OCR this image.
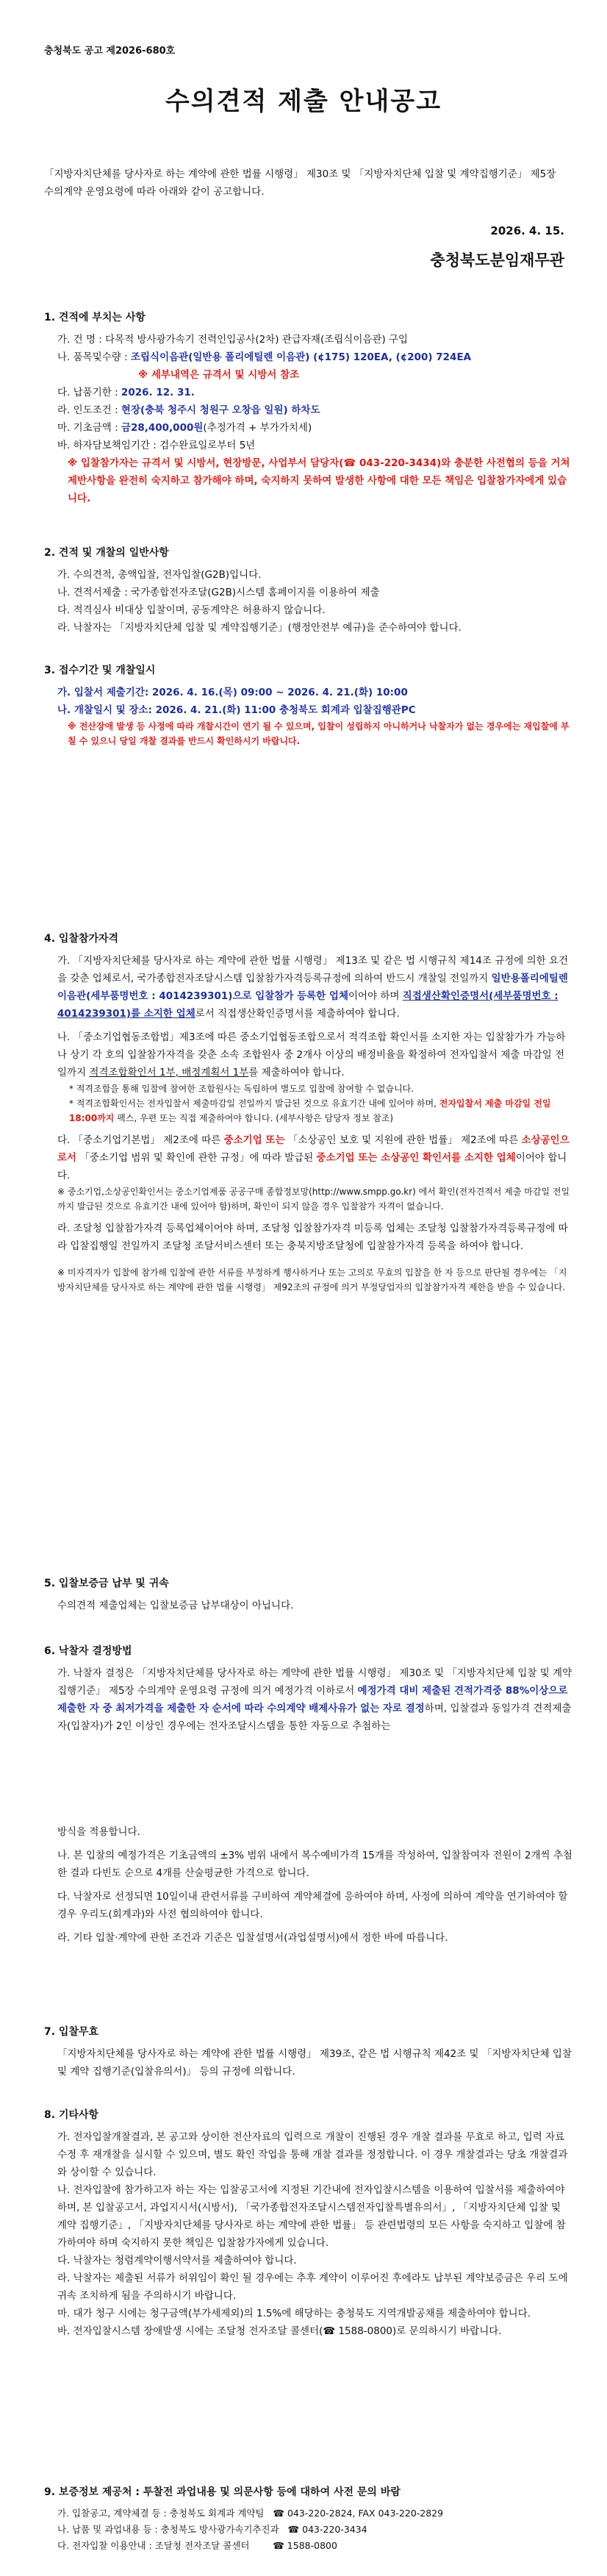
충청북도 공고 제2026-680호
수의견적 제출 안내공고
「지방자치단체를 당사자로 하는 계약에 관한 법률 시행령」 제30조 및 「지방자치단체 입찰 및 계약집행기준」 제5장 수의계약 운영요령에 따라 아래와 같이 공고합니다.
2026. 4. 15.
충청북도분임재무관
1. 견적에 부치는 사항
가. 건 명 : 다목적 방사광가속기 전력인입공사(2차) 관급자재(조립식이음관) 구입
나. 품목및수량 : 조립식이음관(일반용 폴리에틸렌 이음관) (¢175) 120EA, (¢200) 724EA
※ 세부내역은 규격서 및 시방서 참조
다. 납품기한 : 2026. 12. 31.
라. 인도조건 : 현장(충북 청주시 청원구 오창읍 일원) 하차도
마. 기초금액 : 금28,400,000원(추정가격 + 부가가치세)
바. 하자담보책임기간 : 검수완료일로부터 5년
※ 입찰참가자는 규격서 및 시방서, 현장방문, 사업부서 담당자(☎ 043-220-3434)와 충분한 사전협의 등을 거쳐 제반사항을 완전히 숙지하고 참가해야 하며, 숙지하지 못하여 발생한 사항에 대한 모든 책임은 입찰참가자에게 있습니다.
2. 견적 및 개찰의 일반사항
가. 수의견적, 총액입찰, 전자입찰(G2B)입니다.
나. 견적서제출 : 국가종합전자조달(G2B)시스템 홈페이지를 이용하여 제출
다. 적격심사 비대상 입찰이며, 공동계약은 허용하지 않습니다.
라. 낙찰자는 「지방자치단체 입찰 및 계약집행기준」(행정안전부 예규)을 준수하여야 합니다.
3. 접수기간 및 개찰일시
가. 입찰서 제출기간: 2026. 4. 16.(목) 09:00 ~ 2026. 4. 21.(화) 10:00
나. 개찰일시 및 장소: 2026. 4. 21.(화) 11:00 충청북도 회계과 입찰집행관PC
※ 전산장애 발생 등 사정에 따라 개찰시간이 연기 될 수 있으며, 입찰이 성립하지 아니하거나 낙찰자가 없는 경우에는 재입찰에 부칠 수 있으니 당일 개찰 결과를 반드시 확인하시기 바랍니다.
4. 입찰참가자격
가. 「지방자치단체를 당사자로 하는 계약에 관한 법률 시행령」 제13조 및 같은 법 시행규칙 제14조 규정에 의한 요건을 갖춘 업체로서, 국가종합전자조달시스템 입찰참가자격등록규정에 의하여 반드시 개찰일 전일까지 일반용폴리에틸렌이음관(세부품명번호 : 4014239301)으로 입찰참가 등록한 업체이어야 하며 직접생산확인증명서(세부품명번호 : 4014239301)를 소지한 업체로서 직접생산확인증명서를 제출하여야 합니다.
나. 「중소기업협동조합법」제3조에 따른 중소기업협동조합으로서 적격조합 확인서를 소지한 자는 입찰참가가 가능하나 상기 각 호의 입찰참가자격을 갖춘 소속 조합원사 중 2개사 이상의 배정비율을 확정하여 전자입찰서 제출 마감일 전일까지 적격조합확인서 1부, 배정계획서 1부를 제출하여야 합니다.
* 적격조합을 통해 입찰에 참여한 조합원사는 독립하여 별도로 입찰에 참여할 수 없습니다.
* 적격조합확인서는 전자입찰서 제출마감일 전일까지 발급된 것으로 유효기간 내에 있어야 하며, 전자입찰서 제출 마감일 전일 18:00까지 팩스, 우편 또는 직접 제출하여야 합니다. (세부사항은 담당자 정보 참조)
다. 「중소기업기본법」 제2조에 따른 중소기업 또는 「소상공인 보호 및 지원에 관한 법률」 제2조에 따른 소상공인으로서 「중소기업 범위 및 확인에 관한 규정」에 따라 발급된 중소기업 또는 소상공인 확인서를 소지한 업체이어야 합니다.
※ 중소기업,소상공인확인서는 중소기업제품 공공구매 종합정보망(http://www.smpp.go.kr) 에서 확인(전자견적서 제출 마감일 전일까지 발급된 것으로 유효기간 내에 있어야 함)하며, 확인이 되지 않을 경우 입찰참가 자격이 없습니다.
라. 조달청 입찰참가자격 등록업체이어야 하며, 조달청 입찰참가자격 미등록 업체는 조달청 입찰참가자격등록규정에 따라 입찰집행일 전일까지 조달청 조달서비스센터 또는 충북지방조달청에 입찰참가자격 등록을 하여야 합니다.
※ 미자격자가 입찰에 참가해 입찰에 관한 서류를 부정하게 행사하거나 또는 고의로 무효의 입찰을 한 자 등으로 판단될 경우에는 「지방자치단체를 당사자로 하는 계약에 관한 법률 시행령」 제92조의 규정에 의거 부정당업자의 입찰참가자격 제한을 받을 수 있습니다.
5. 입찰보증금 납부 및 귀속
수의견적 제출업체는 입찰보증금 납부대상이 아닙니다.
6. 낙찰자 결정방법
가. 낙찰자 결정은 「지방자치단체를 당사자로 하는 계약에 관한 법률 시행령」 제30조 및 「지방자치단체 입찰 및 계약 집행기준」 제5장 수의계약 운영요령 규정에 의거 예정가격 이하로서 예정가격 대비 제출된 견적가격중 88%이상으로 제출한 자 중 최저가격을 제출한 자 순서에 따라 수의계약 배제사유가 없는 자로 결정하며, 입찰결과 동일가격 견적제출자(입찰자)가 2인 이상인 경우에는 전자조달시스템을 통한 자동으로 추첨하는
방식을 적용합니다.
나. 본 입찰의 예정가격은 기초금액의 ±3% 범위 내에서 복수예비가격 15개를 작성하여, 입찰참여자 전원이 2개씩 추첨한 결과 다빈도 순으로 4개를 산술평균한 가격으로 합니다.
다. 낙찰자로 선정되면 10일이내 관련서류를 구비하여 계약체결에 응하여야 하며, 사정에 의하여 계약을 연기하여야 할 경우 우리도(회계과)와 사전 협의하여야 합니다.
라. 기타 입찰·계약에 관한 조건과 기준은 입찰설명서(과업설명서)에서 정한 바에 따릅니다.
7. 입찰무효
「지방자치단체를 당사자로 하는 계약에 관한 법률 시행령」 제39조, 같은 법 시행규칙 제42조 및 「지방자치단체 입찰 및 계약 집행기준(입찰유의서)」 등의 규정에 의합니다.
8. 기타사항
가. 전자입찰개찰결과, 본 공고와 상이한 전산자료의 입력으로 개찰이 진행된 경우 개찰 결과를 무효로 하고, 입력 자료 수정 후 재개찰을 실시할 수 있으며, 별도 확인 작업을 통해 개찰 결과를 정정합니다. 이 경우 개찰결과는 당초 개찰결과와 상이할 수 있습니다.
나. 전자입찰에 참가하고자 하는 자는 입찰공고서에 지정된 기간내에 전자입찰시스템을 이용하여 입찰서를 제출하여야 하며, 본 입찰공고서, 과업지시서(시방서), 「국가종합전자조달시스템전자입찰특별유의서」, 「지방자치단체 입찰 및 계약 집행기준」, 「지방자치단체를 당사자로 하는 계약에 관한 법률」 등 관련법령의 모든 사항을 숙지하고 입찰에 참가하여야 하며 숙지하지 못한 책임은 입찰참가자에게 있습니다.
다. 낙찰자는 청렴계약이행서약서를 제출하여야 합니다.
라. 낙찰자는 제출된 서류가 허위임이 확인 될 경우에는 추후 계약이 이루어진 후에라도 납부된 계약보증금은 우리 도에 귀속 조치하게 됨을 주의하시기 바랍니다.
마. 대가 청구 시에는 청구금액(부가세제외)의 1.5%에 해당하는 충청북도 지역개발공채를 제출하여야 합니다.
바. 전자입찰시스템 장애발생 시에는 조달청 전자조달 콜센터(☎ 1588-0800)로 문의하시기 바랍니다.
9. 보증정보 제공처 : 투찰전 과업내용 및 의문사항 등에 대하여 사전 문의 바람
가. 입찰공고, 계약체결 등 : 충청북도 회계과 계약팀 ☎ 043-220-2824, FAX 043-220-2829
나. 납품 및 과업내용 등 : 충청북도 방사광가속기추진과 ☎ 043-220-3434
다. 전자입찰 이용안내 : 조달청 전자조달 콜센터	☎ 1588-0800
